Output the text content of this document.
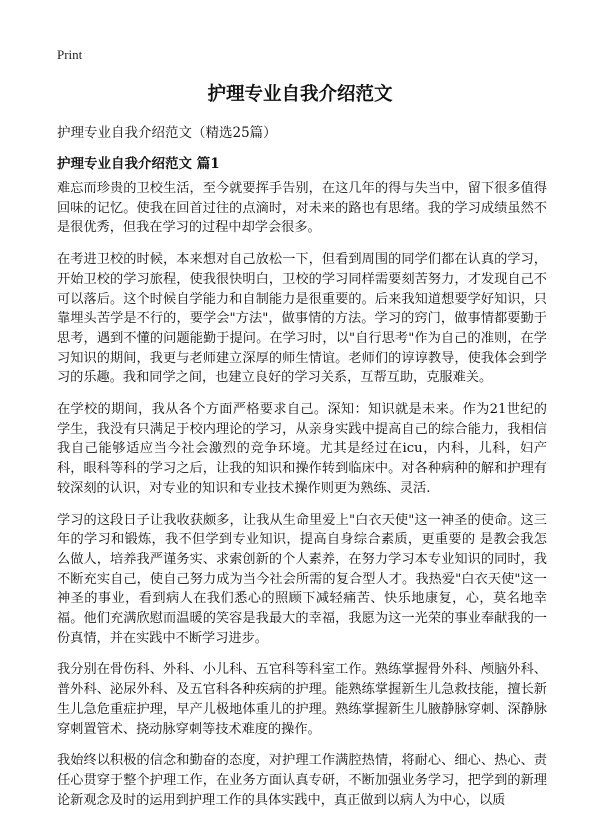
Print
护理专业自我介绍范文
护理专业自我介绍范文（精选25篇）
护理专业自我介绍范文 篇1

难忘而珍贵的卫校生活，至今就要挥手告别，在这几年的得与失当中，留下很多值得回味的记忆。使我在回首过往的点滴时，对未来的路也有思绪。我的学习成绩虽然不是很优秀，但我在学习的过程中却学会很多。

在考进卫校的时候，本来想对自己放松一下，但看到周围的同学们都在认真的学习，开始卫校的学习旅程，使我很快明白，卫校的学习同样需要刻苦努力，才发现自己不可以落后。这个时候自学能力和自制能力是很重要的。后来我知道想要学好知识，只靠埋头苦学是不行的，要学会"方法"，做事情的方法。学习的窍门，做事情都要勤于思考，遇到不懂的问题能勤于提问。在学习时，以"自行思考"作为自己的准则，在学习知识的期间，我更与老师建立深厚的师生情谊。老师们的谆谆教导，使我体会到学习的乐趣。我和同学之间，也建立良好的学习关系，互帮互助，克服难关。

在学校的期间，我从各个方面严格要求自己。深知：知识就是未来。作为21世纪的学生，我没有只满足于校内理论的学习，从亲身实践中提高自己的综合能力，我相信我自己能够适应当今社会激烈的竞争环境。尤其是经过在icu，内科，儿科，妇产科，眼科等科的学习之后，让我的知识和操作转到临床中。对各种病种的解和护理有较深刻的认识，对专业的知识和专业技术操作则更为熟练、灵活.

学习的这段日子让我收获颇多，让我从生命里爱上"白衣天使"这一神圣的使命。这三年的学习和锻炼，我不但学到专业知识，提高自身综合素质，更重要的 是教会我怎么做人，培养我严谨务实、求索创新的个人素养，在努力学习本专业知识的同时，我不断充实自己，使自己努力成为当今社会所需的复合型人才。我热爱"白衣天使"这一神圣的事业，看到病人在我们悉心的照顾下减轻痛苦、快乐地康复，心，莫名地幸福。他们充满欣慰而温暖的笑容是我最大的幸福，我愿为这一光荣的事业奉献我的一份真情，并在实践中不断学习进步。

我分别在骨伤科、外科、小儿科、五官科等科室工作。熟练掌握骨外科、颅脑外科、普外科、泌尿外科、及五官科各种疾病的护理。能熟练掌握新生儿急救技能，擅长新生儿急危重症护理，早产儿极地体重儿的护理。熟练掌握新生儿腋静脉穿刺、深静脉穿刺置管术、挠动脉穿刺等技术难度的操作。

我始终以积极的信念和勤奋的态度，对护理工作满腔热情，将耐心、细心、热心、责任心贯穿于整个护理工作，在业务方面认真专研，不断加强业务学习，把学到的新理论新观念及时的运用到护理工作的具体实践中，真正做到以病人为中心，以质
